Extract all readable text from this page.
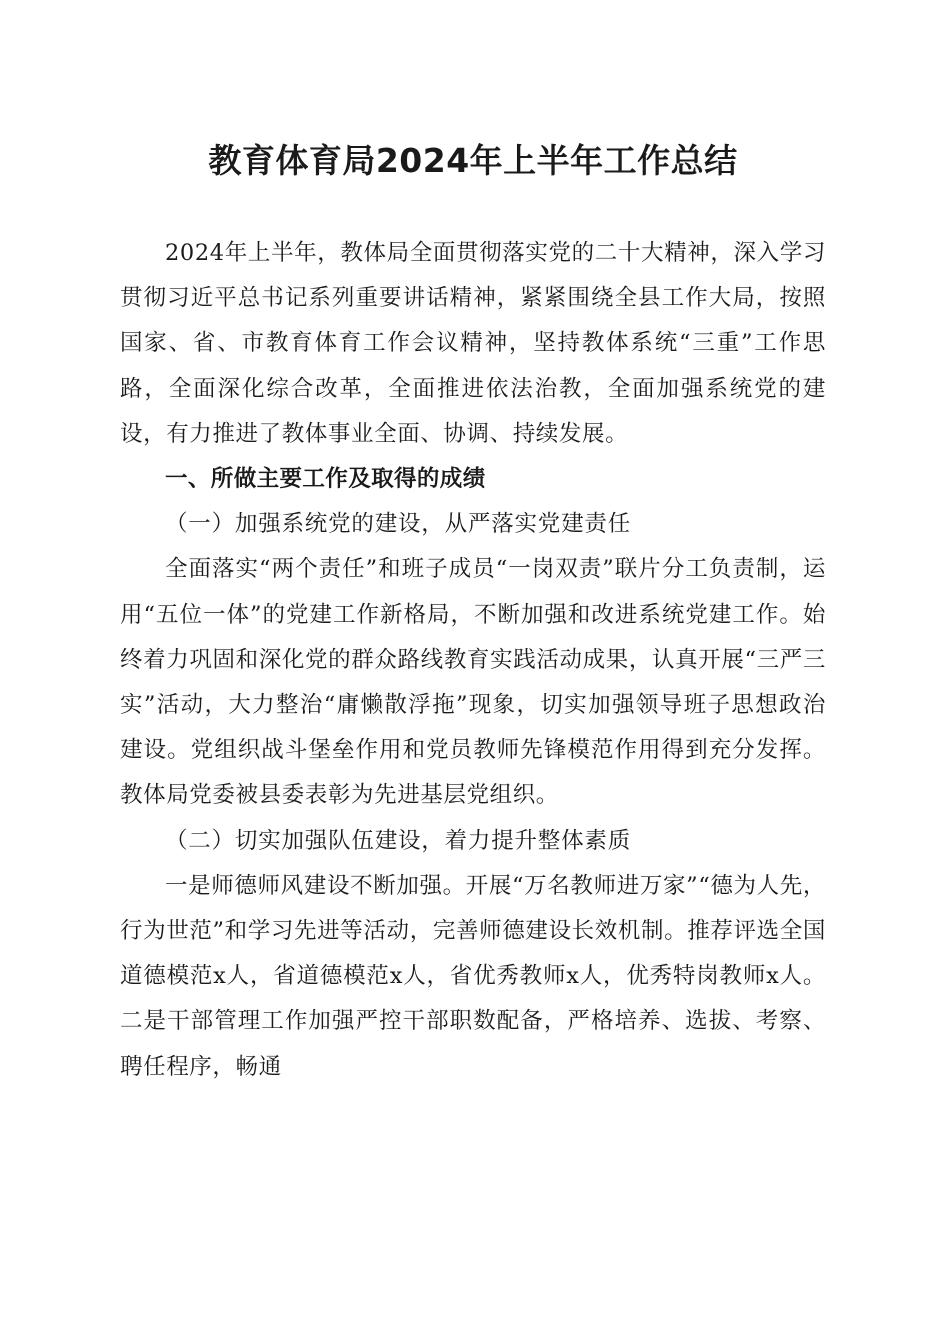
教育体育局2024年上半年工作总结

2024年上半年，教体局全面贯彻落实党的二十大精神，深入学习贯彻习近平总书记系列重要讲话精神，紧紧围绕全县工作大局，按照国家、省、市教育体育工作会议精神，坚持教体系统“三重”工作思路，全面深化综合改革，全面推进依法治教，全面加强系统党的建设，有力推进了教体事业全面、协调、持续发展。

一、所做主要工作及取得的成绩

（一）加强系统党的建设，从严落实党建责任

全面落实“两个责任”和班子成员“一岗双责”联片分工负责制，运用“五位一体”的党建工作新格局，不断加强和改进系统党建工作。始终着力巩固和深化党的群众路线教育实践活动成果，认真开展“三严三实”活动，大力整治“庸懒散浮拖”现象，切实加强领导班子思想政治建设。党组织战斗堡垒作用和党员教师先锋模范作用得到充分发挥。教体局党委被县委表彰为先进基层党组织。

（二）切实加强队伍建设，着力提升整体素质

一是师德师风建设不断加强。开展“万名教师进万家”“德为人先，行为世范”和学习先进等活动，完善师德建设长效机制。推荐评选全国道德模范x人，省道德模范x人，省优秀教师x人，优秀特岗教师x人。二是干部管理工作加强严控干部职数配备，严格培养、选拔、考察、聘任程序，畅通
